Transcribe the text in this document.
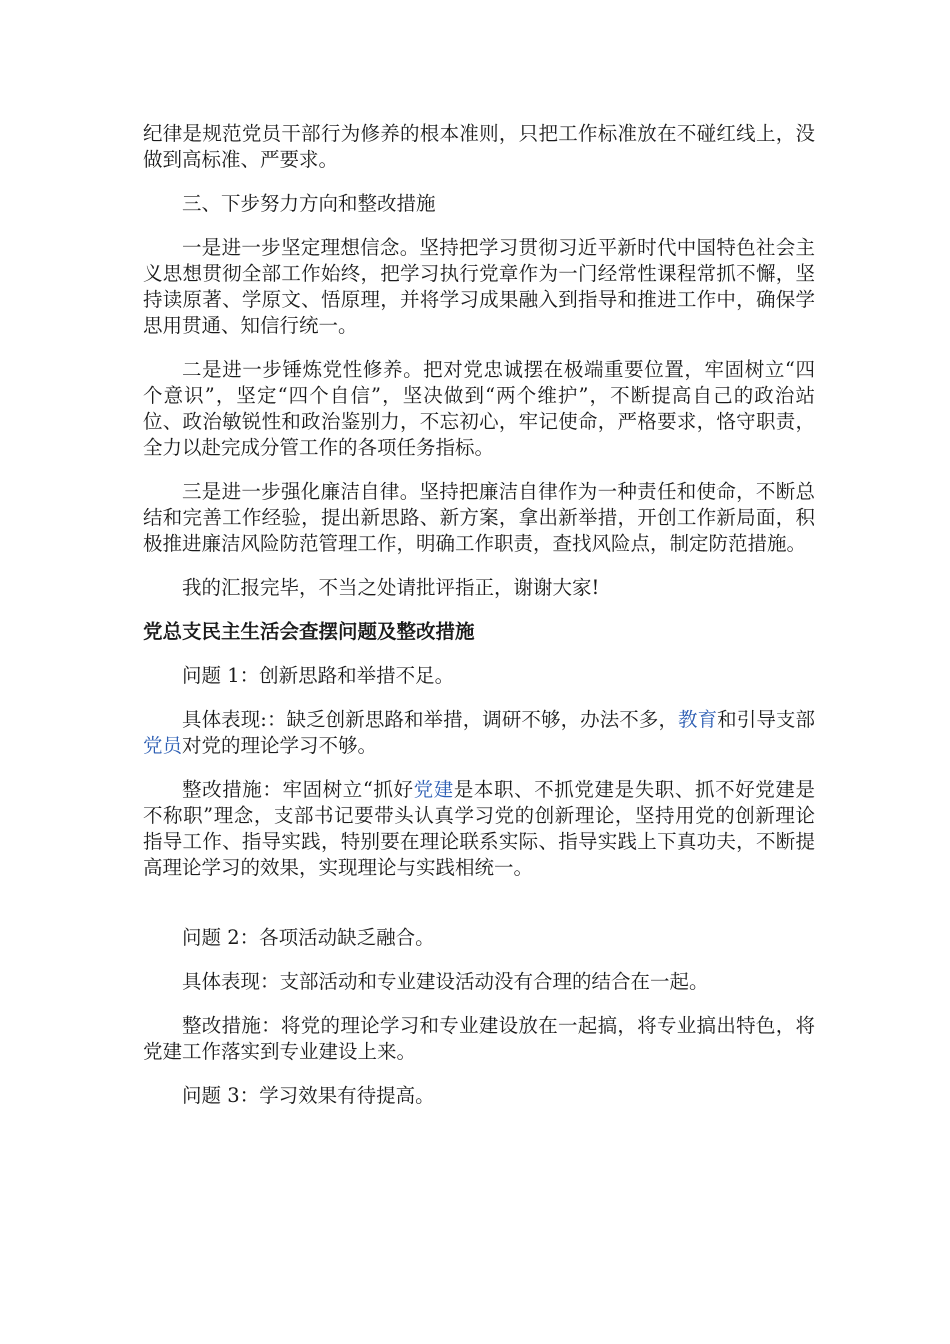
纪律是规范党员干部行为修养的根本准则，只把工作标准放在不碰红线上，没做到高标准、严要求。

三、下步努力方向和整改措施

一是进一步坚定理想信念。坚持把学习贯彻习近平新时代中国特色社会主义思想贯彻全部工作始终，把学习执行党章作为一门经常性课程常抓不懈，坚持读原著、学原文、悟原理，并将学习成果融入到指导和推进工作中，确保学思用贯通、知信行统一。

二是进一步锤炼党性修养。把对党忠诚摆在极端重要位置，牢固树立“四个意识”，坚定“四个自信”，坚决做到“两个维护”，不断提高自己的政治站位、政治敏锐性和政治鉴别力，不忘初心，牢记使命，严格要求，恪守职责，全力以赴完成分管工作的各项任务指标。

三是进一步强化廉洁自律。坚持把廉洁自律作为一种责任和使命，不断总结和完善工作经验，提出新思路、新方案，拿出新举措，开创工作新局面，积极推进廉洁风险防范管理工作，明确工作职责，查找风险点，制定防范措施。

我的汇报完毕，不当之处请批评指正，谢谢大家!

党总支民主生活会查摆问题及整改措施

问题 1：创新思路和举措不足。

具体表现:：缺乏创新思路和举措，调研不够，办法不多，教育和引导支部党员对党的理论学习不够。

整改措施：牢固树立“抓好党建是本职、不抓党建是失职、抓不好党建是不称职”理念，支部书记要带头认真学习党的创新理论，坚持用党的创新理论指导工作、指导实践，特别要在理论联系实际、指导实践上下真功夫，不断提高理论学习的效果，实现理论与实践相统一。

问题 2：各项活动缺乏融合。

具体表现：支部活动和专业建设活动没有合理的结合在一起。

整改措施：将党的理论学习和专业建设放在一起搞，将专业搞出特色，将党建工作落实到专业建设上来。

问题 3：学习效果有待提高。
